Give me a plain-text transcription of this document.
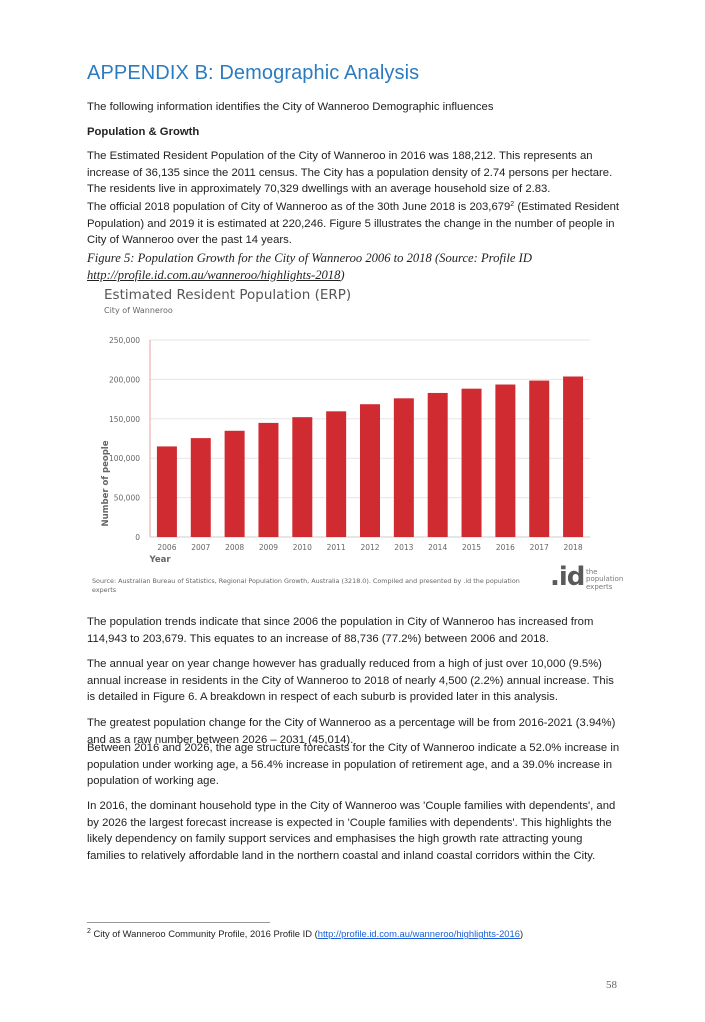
APPENDIX B: Demographic Analysis

The following information identifies the City of Wanneroo Demographic influences

Population & Growth

The Estimated Resident Population of the City of Wanneroo in 2016 was 188,212. This represents an increase of 36,135 since the 2011 census. The City has a population density of 2.74 persons per hectare. The residents live in approximately 70,329 dwellings with an average household size of 2.83.

The official 2018 population of City of Wanneroo as of the 30th June 2018 is 203,679$^2$ (Estimated Resident Population) and 2019 it is estimated at 220,246. Figure 5 illustrates the change in the number of people in City of Wanneroo over the past 14 years.

Figure 5: Population Growth for the City of Wanneroo 2006 to 2018 (Source: Profile ID
http://profile.id.com.au/wanneroo/highlights-2018)

Estimated Resident Population (ERP)

City of Wanneroo

0
50,000
100,000
150,000
200,000
250,000
2006 2007 2008 2009 2010 2011 2012 2013 2014 2015 2016 2017 2018
Year
Number of people

Source: Australian Bureau of Statistics, Regional Population Growth, Australia (3218.0). Compiled and presented by .id the population experts	.id the
population
experts

The population trends indicate that since 2006 the population in City of Wanneroo has increased from 114,943 to 203,679. This equates to an increase of 88,736 (77.2%) between 2006 and 2018.

The annual year on year change however has gradually reduced from a high of just over 10,000 (9.5%) annual increase in residents in the City of Wanneroo to 2018 of nearly 4,500 (2.2%) annual increase. This is detailed in Figure 6. A breakdown in respect of each suburb is provided later in this analysis.

The greatest population change for the City of Wanneroo as a percentage will be from 2016-2021 (3.94%) and as a raw number between 2026 – 2031 (45,014).

Between 2016 and 2026, the age structure forecasts for the City of Wanneroo indicate a 52.0% increase in population under working age, a 56.4% increase in population of retirement age, and a 39.0% increase in population of working age.

In 2016, the dominant household type in the City of Wanneroo was 'Couple families with dependents', and by 2026 the largest forecast increase is expected in 'Couple families with dependents'. This highlights the likely dependency on family support services and emphasises the high growth rate attracting young families to relatively affordable land in the northern coastal and inland coastal corridors within the City.

$^2$ City of Wanneroo Community Profile, 2016 Profile ID (http://profile.id.com.au/wanneroo/highlights-2016)

58
